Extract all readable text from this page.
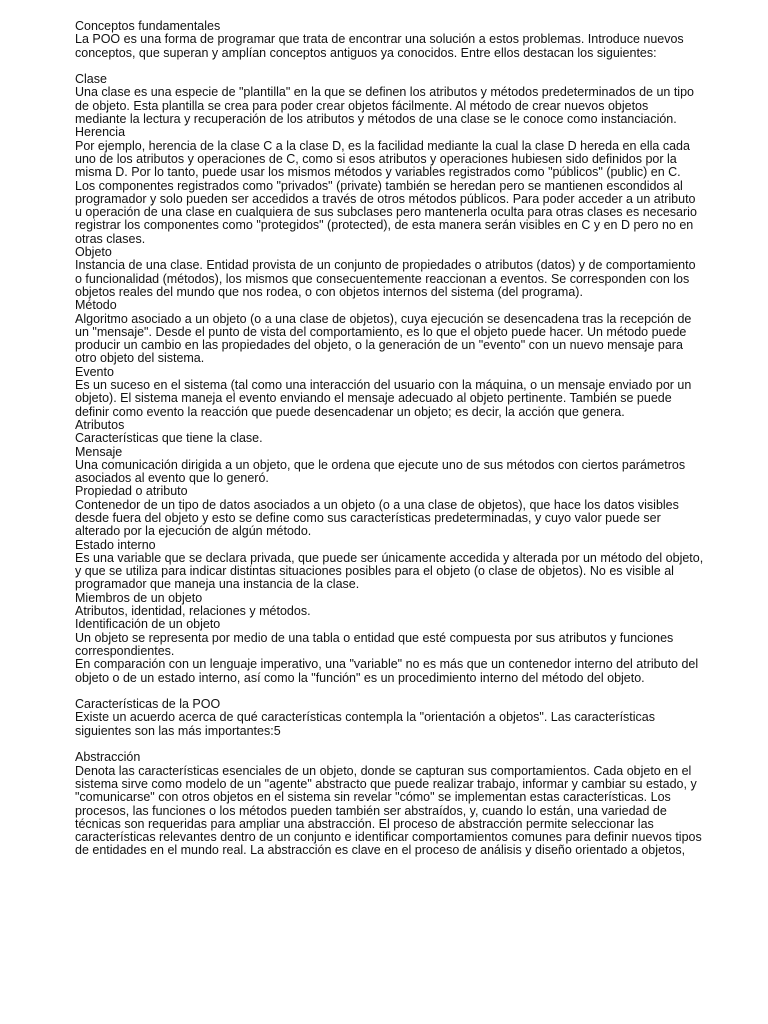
Conceptos fundamentales

La POO es una forma de programar que trata de encontrar una solución a estos problemas. Introduce nuevos

conceptos, que superan y amplían conceptos antiguos ya conocidos. Entre ellos destacan los siguientes:

Clase

Una clase es una especie de "plantilla" en la que se definen los atributos y métodos predeterminados de un tipo

de objeto. Esta plantilla se crea para poder crear objetos fácilmente. Al método de crear nuevos objetos

mediante la lectura y recuperación de los atributos y métodos de una clase se le conoce como instanciación.

Herencia

Por ejemplo, herencia de la clase C a la clase D, es la facilidad mediante la cual la clase D hereda en ella cada

uno de los atributos y operaciones de C, como si esos atributos y operaciones hubiesen sido definidos por la

misma D. Por lo tanto, puede usar los mismos métodos y variables registrados como "públicos" (public) en C.

Los componentes registrados como "privados" (private) también se heredan pero se mantienen escondidos al

programador y solo pueden ser accedidos a través de otros métodos públicos. Para poder acceder a un atributo

u operación de una clase en cualquiera de sus subclases pero mantenerla oculta para otras clases es necesario

registrar los componentes como "protegidos" (protected), de esta manera serán visibles en C y en D pero no en

otras clases.

Objeto

Instancia de una clase. Entidad provista de un conjunto de propiedades o atributos (datos) y de comportamiento

o funcionalidad (métodos), los mismos que consecuentemente reaccionan a eventos. Se corresponden con los

objetos reales del mundo que nos rodea, o con objetos internos del sistema (del programa).

Método

Algoritmo asociado a un objeto (o a una clase de objetos), cuya ejecución se desencadena tras la recepción de

un "mensaje". Desde el punto de vista del comportamiento, es lo que el objeto puede hacer. Un método puede

producir un cambio en las propiedades del objeto, o la generación de un "evento" con un nuevo mensaje para

otro objeto del sistema.

Evento

Es un suceso en el sistema (tal como una interacción del usuario con la máquina, o un mensaje enviado por un

objeto). El sistema maneja el evento enviando el mensaje adecuado al objeto pertinente. También se puede

definir como evento la reacción que puede desencadenar un objeto; es decir, la acción que genera.

Atributos

Características que tiene la clase.

Mensaje

Una comunicación dirigida a un objeto, que le ordena que ejecute uno de sus métodos con ciertos parámetros

asociados al evento que lo generó.

Propiedad o atributo

Contenedor de un tipo de datos asociados a un objeto (o a una clase de objetos), que hace los datos visibles

desde fuera del objeto y esto se define como sus características predeterminadas, y cuyo valor puede ser

alterado por la ejecución de algún método.

Estado interno

Es una variable que se declara privada, que puede ser únicamente accedida y alterada por un método del objeto,

y que se utiliza para indicar distintas situaciones posibles para el objeto (o clase de objetos). No es visible al

programador que maneja una instancia de la clase.

Miembros de un objeto

Atributos, identidad, relaciones y métodos.

Identificación de un objeto

Un objeto se representa por medio de una tabla o entidad que esté compuesta por sus atributos y funciones

correspondientes.

En comparación con un lenguaje imperativo, una "variable" no es más que un contenedor interno del atributo del

objeto o de un estado interno, así como la "función" es un procedimiento interno del método del objeto.

Características de la POO

Existe un acuerdo acerca de qué características contempla la "orientación a objetos". Las características

siguientes son las más importantes:5

Abstracción

Denota las características esenciales de un objeto, donde se capturan sus comportamientos. Cada objeto en el

sistema sirve como modelo de un "agente" abstracto que puede realizar trabajo, informar y cambiar su estado, y

"comunicarse" con otros objetos en el sistema sin revelar "cómo" se implementan estas características. Los

procesos, las funciones o los métodos pueden también ser abstraídos, y, cuando lo están, una variedad de

técnicas son requeridas para ampliar una abstracción. El proceso de abstracción permite seleccionar las

características relevantes dentro de un conjunto e identificar comportamientos comunes para definir nuevos tipos

de entidades en el mundo real. La abstracción es clave en el proceso de análisis y diseño orientado a objetos,
